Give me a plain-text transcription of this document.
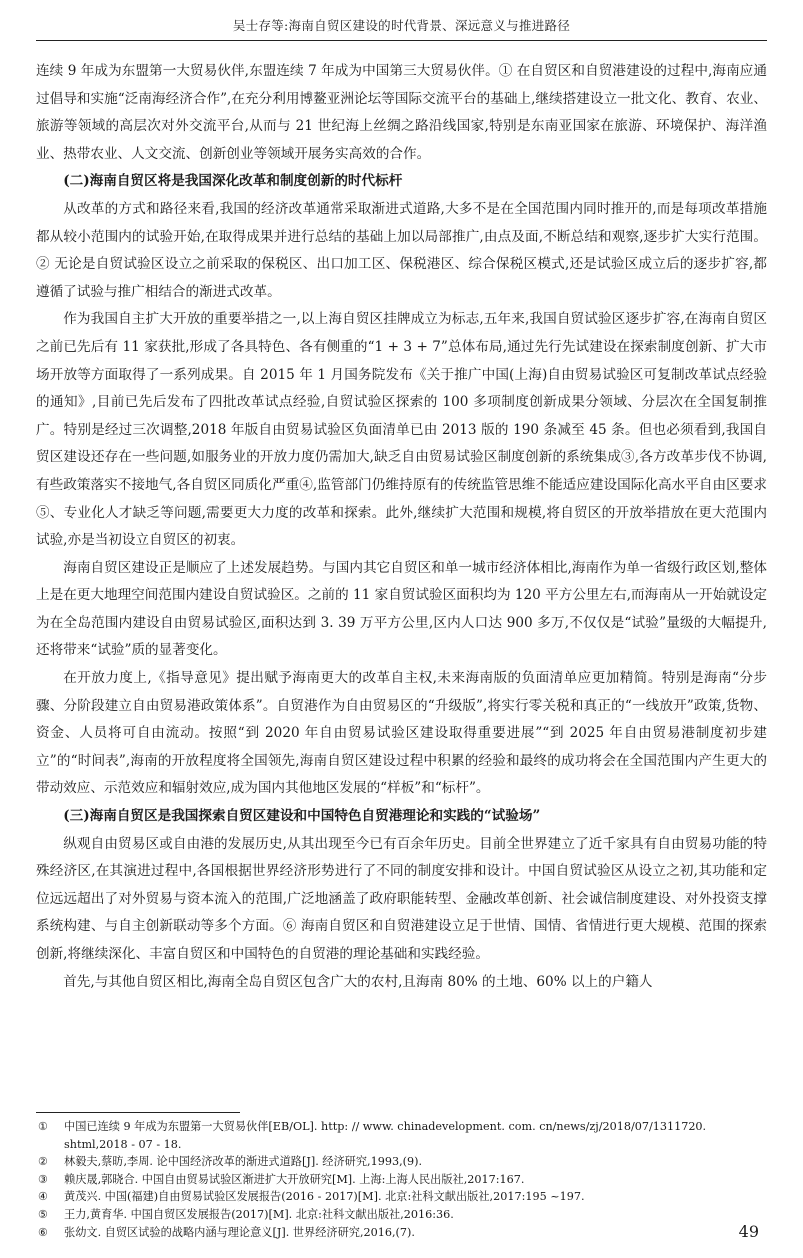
吴士存等:海南自贸区建设的时代背景、深远意义与推进路径

连续 9 年成为东盟第一大贸易伙伴,东盟连续 7 年成为中国第三大贸易伙伴。① 在自贸区和自贸港建设的过程中,海南应通过倡导和实施“泛南海经济合作”,在充分利用博鳌亚洲论坛等国际交流平台的基础上,继续搭建设立一批文化、教育、农业、旅游等领域的高层次对外交流平台,从而与 21 世纪海上丝绸之路沿线国家,特别是东南亚国家在旅游、环境保护、海洋渔业、热带农业、人文交流、创新创业等领域开展务实高效的合作。

(二)海南自贸区将是我国深化改革和制度创新的时代标杆

从改革的方式和路径来看,我国的经济改革通常采取渐进式道路,大多不是在全国范围内同时推开的,而是每项改革措施都从较小范围内的试验开始,在取得成果并进行总结的基础上加以局部推广,由点及面,不断总结和观察,逐步扩大实行范围。② 无论是自贸试验区设立之前采取的保税区、出口加工区、保税港区、综合保税区模式,还是试验区成立后的逐步扩容,都遵循了试验与推广相结合的渐进式改革。

作为我国自主扩大开放的重要举措之一,以上海自贸区挂牌成立为标志,五年来,我国自贸试验区逐步扩容,在海南自贸区之前已先后有 11 家获批,形成了各具特色、各有侧重的“1 + 3 + 7”总体布局,通过先行先试建设在探索制度创新、扩大市场开放等方面取得了一系列成果。自 2015 年 1 月国务院发布《关于推广中国(上海)自由贸易试验区可复制改革试点经验的通知》,目前已先后发布了四批改革试点经验,自贸试验区探索的 100 多项制度创新成果分领域、分层次在全国复制推广。特别是经过三次调整,2018 年版自由贸易试验区负面清单已由 2013 版的 190 条减至 45 条。但也必须看到,我国自贸区建设还存在一些问题,如服务业的开放力度仍需加大,缺乏自由贸易试验区制度创新的系统集成③,各方改革步伐不协调,有些政策落实不接地气,各自贸区同质化严重④,监管部门仍维持原有的传统监管思维不能适应建设国际化高水平自由区要求⑤、专业化人才缺乏等问题,需要更大力度的改革和探索。此外,继续扩大范围和规模,将自贸区的开放举措放在更大范围内试验,亦是当初设立自贸区的初衷。

海南自贸区建设正是顺应了上述发展趋势。与国内其它自贸区和单一城市经济体相比,海南作为单一省级行政区划,整体上是在更大地理空间范围内建设自贸试验区。之前的 11 家自贸试验区面积均为 120 平方公里左右,而海南从一开始就设定为在全岛范围内建设自由贸易试验区,面积达到 3. 39 万平方公里,区内人口达 900 多万,不仅仅是“试验”量级的大幅提升,还将带来“试验”质的显著变化。

在开放力度上,《指导意见》提出赋予海南更大的改革自主权,未来海南版的负面清单应更加精简。特别是海南“分步骤、分阶段建立自由贸易港政策体系”。自贸港作为自由贸易区的“升级版”,将实行零关税和真正的“一线放开”政策,货物、资金、人员将可自由流动。按照“到 2020 年自由贸易试验区建设取得重要进展”“到 2025 年自由贸易港制度初步建立”的“时间表”,海南的开放程度将全国领先,海南自贸区建设过程中积累的经验和最终的成功将会在全国范围内产生更大的带动效应、示范效应和辐射效应,成为国内其他地区发展的“样板”和“标杆”。

(三)海南自贸区是我国探索自贸区建设和中国特色自贸港理论和实践的“试验场”

纵观自由贸易区或自由港的发展历史,从其出现至今已有百余年历史。目前全世界建立了近千家具有自由贸易功能的特殊经济区,在其演进过程中,各国根据世界经济形势进行了不同的制度安排和设计。中国自贸试验区从设立之初,其功能和定位远远超出了对外贸易与资本流入的范围,广泛地涵盖了政府职能转型、金融改革创新、社会诚信制度建设、对外投资支撑系统构建、与自主创新联动等多个方面。⑥ 海南自贸区和自贸港建设立足于世情、国情、省情进行更大规模、范围的探索创新,将继续深化、丰富自贸区和中国特色的自贸港的理论基础和实践经验。

首先,与其他自贸区相比,海南全岛自贸区包含广大的农村,且海南 80% 的土地、60% 以上的户籍人

①	中国已连续 9 年成为东盟第一大贸易伙伴[EB/OL]. http: // www. chinadevelopment. com. cn/news/zj/2018/07/1311720. shtml,2018 - 07 - 18.
②	林毅夫,蔡昉,李周. 论中国经济改革的渐进式道路[J]. 经济研究,1993,(9).
③	赖庆晟,郭晓合. 中国自由贸易试验区渐进扩大开放研究[M]. 上海:上海人民出版社,2017:167.
④	黄茂兴. 中国(福建)自由贸易试验区发展报告(2016 - 2017)[M]. 北京:社科文献出版社,2017:195 ~197.
⑤	王力,黄育华. 中国自贸区发展报告(2017)[M]. 北京:社科文献出版社,2016:36.
⑥	张幼文. 自贸区试验的战略内涵与理论意义[J]. 世界经济研究,2016,(7).	49
